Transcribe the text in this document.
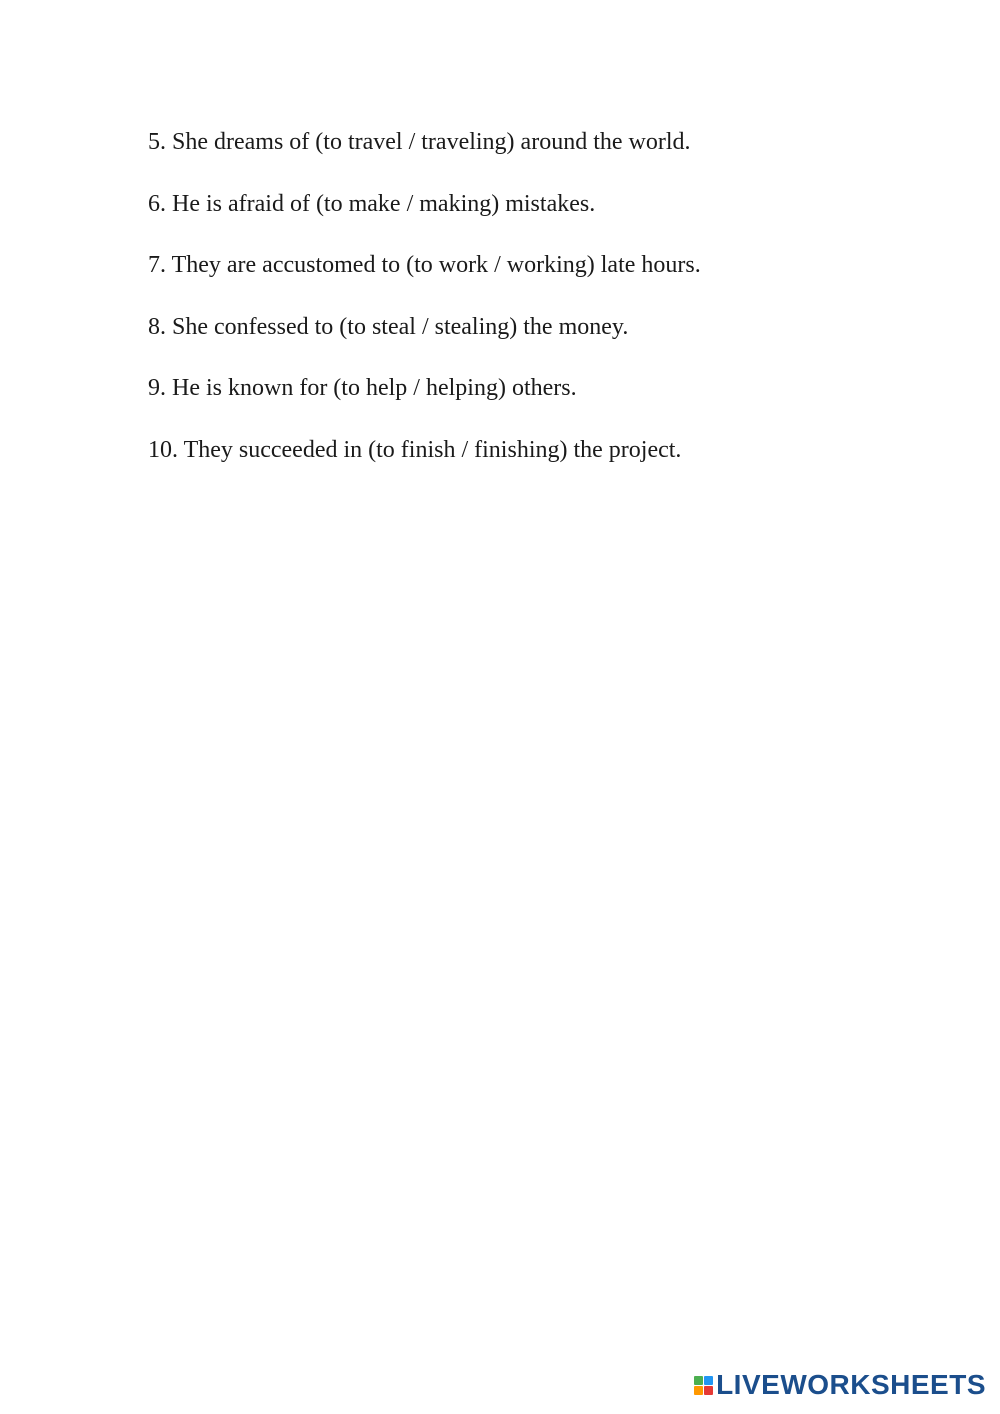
5. She dreams of (to travel / traveling) around the world.
6. He is afraid of (to make / making) mistakes.
7. They are accustomed to (to work / working) late hours.
8. She confessed to (to steal / stealing) the money.
9. He is known for (to help / helping) others.
10. They succeeded in (to finish / finishing) the project.
LIVEWORKSHEETS
